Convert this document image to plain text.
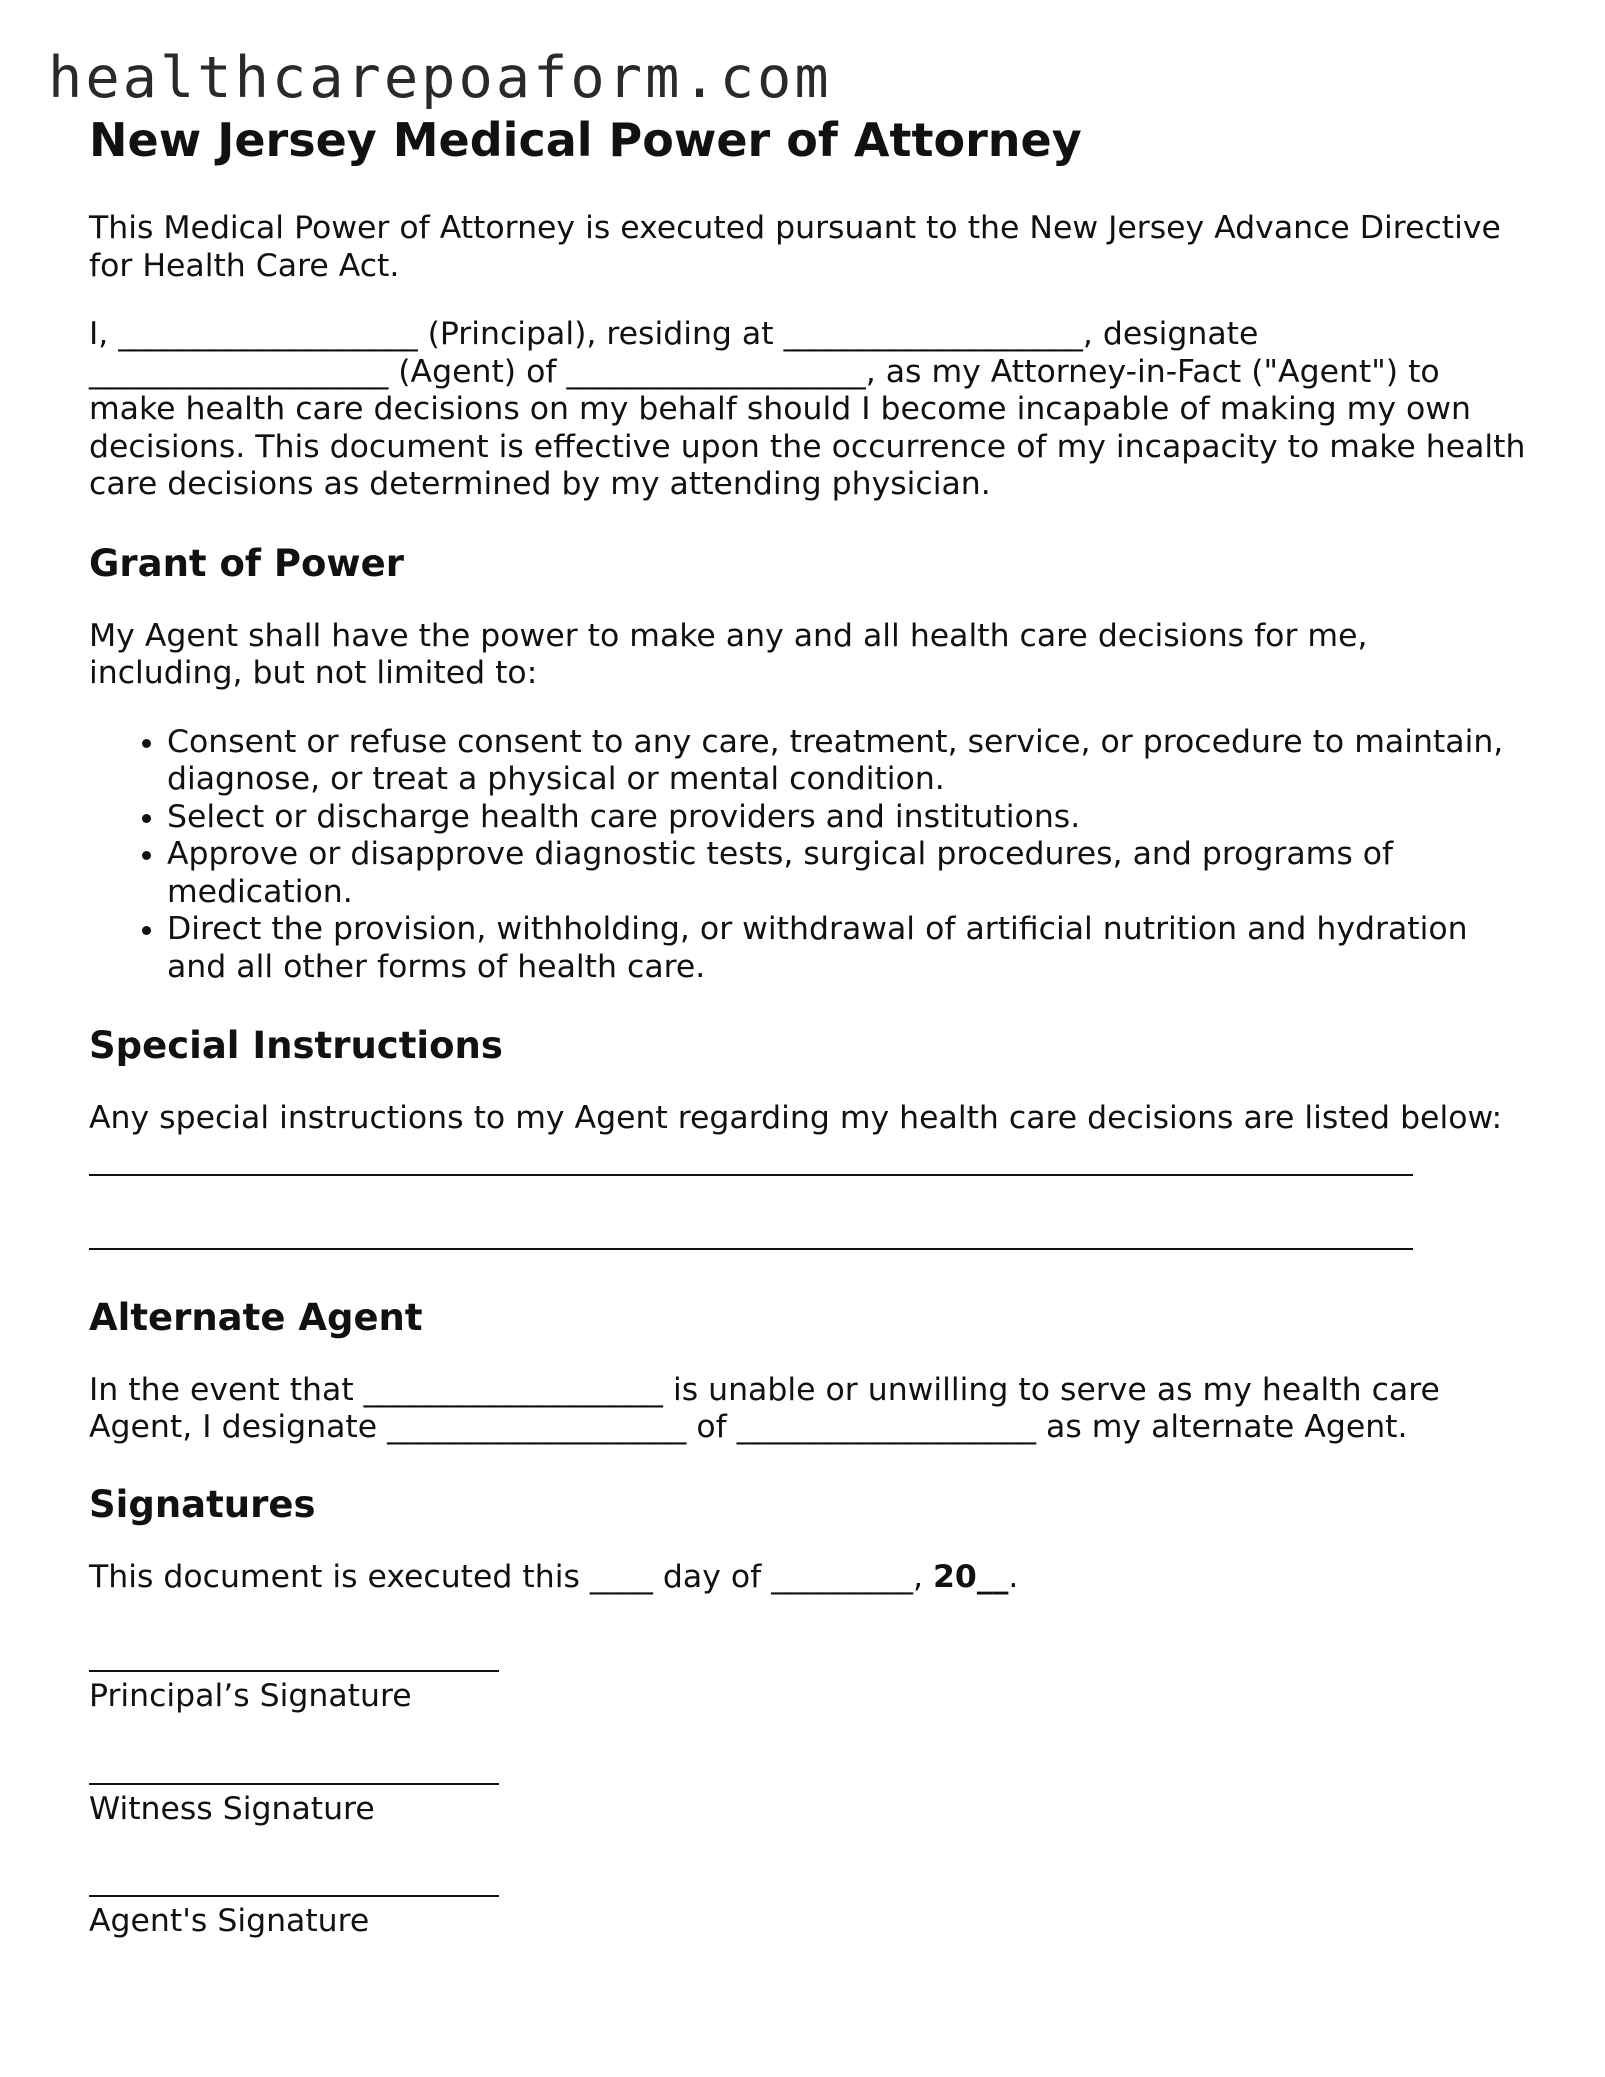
healthcarepoaform.com
New Jersey Medical Power of Attorney

This Medical Power of Attorney is executed pursuant to the New Jersey Advance Directive for Health Care Act.

I, ___________________ (Principal), residing at ___________________, designate ___________________ (Agent) of ___________________, as my Attorney-in-Fact ("Agent") to make health care decisions on my behalf should I become incapable of making my own decisions. This document is effective upon the occurrence of my incapacity to make health care decisions as determined by my attending physician.

Grant of Power

My Agent shall have the power to make any and all health care decisions for me, including, but not limited to:

• Consent or refuse consent to any care, treatment, service, or procedure to maintain, diagnose, or treat a physical or mental condition.
• Select or discharge health care providers and institutions.
• Approve or disapprove diagnostic tests, surgical procedures, and programs of medication.
• Direct the provision, withholding, or withdrawal of artificial nutrition and hydration and all other forms of health care.
Special Instructions

Any special instructions to my Agent regarding my health care decisions are listed below:

Alternate Agent

In the event that ___________________ is unable or unwilling to serve as my health care Agent, I designate ___________________ of ___________________ as my alternate Agent.

Signatures

This document is executed this ____ day of _________, 20__.

Principal’s Signature
Witness Signature
Agent's Signature
